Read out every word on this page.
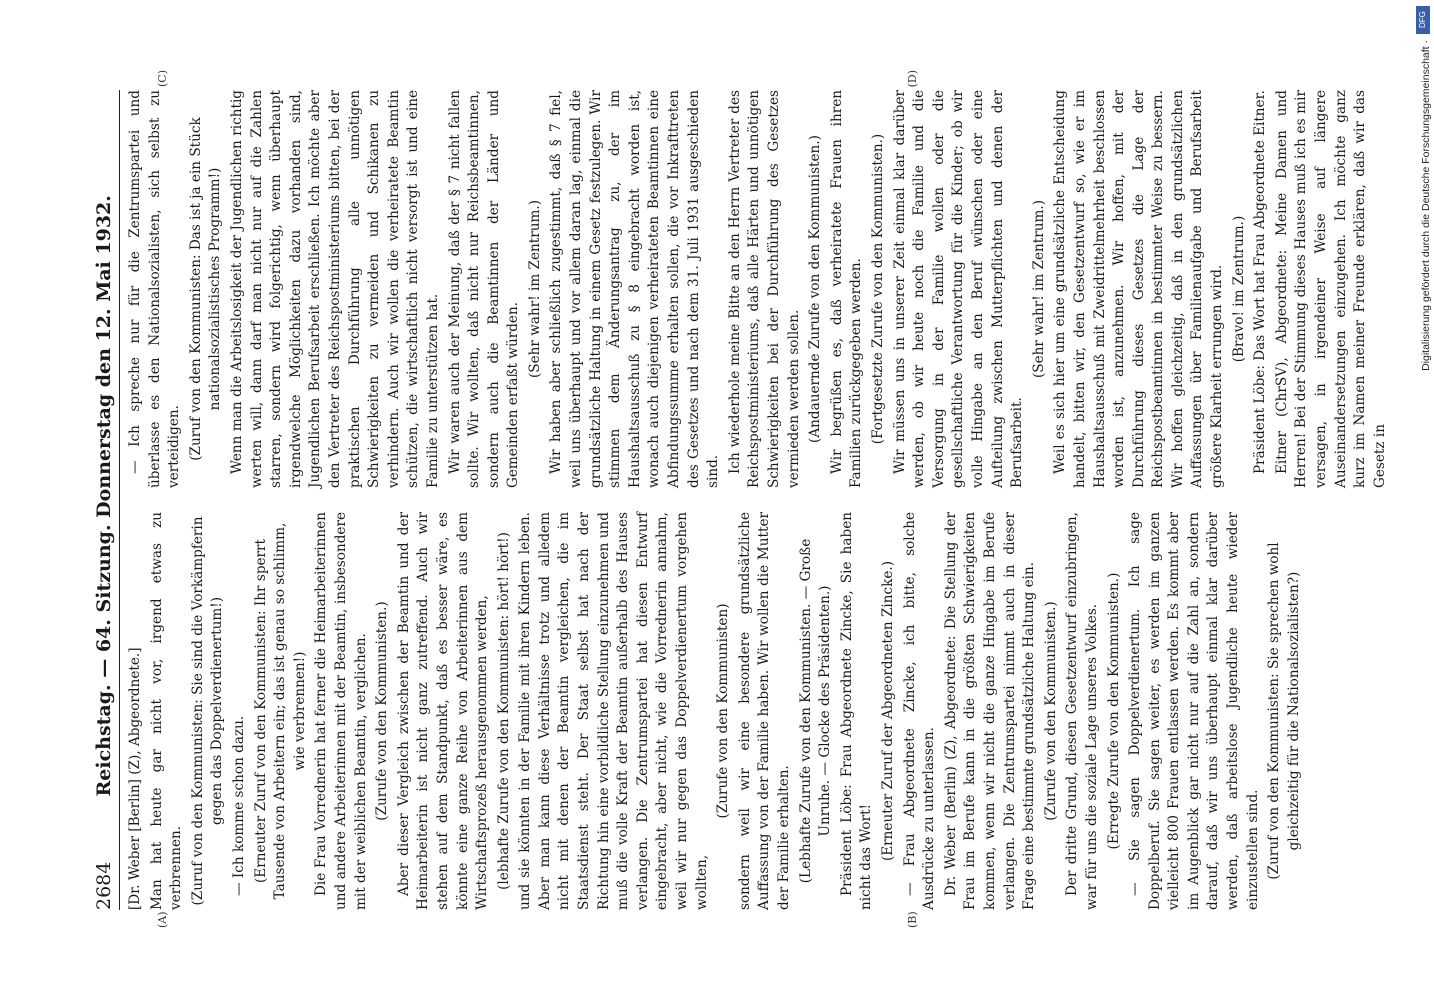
2684
Reichstag. — 64. Sitzung. Donnerstag den 12. Mai 1932.
(A)	(B)

[Dr. Weber [Berlin] (Z), Abgeordnete.] Man hat heute gar nicht vor, irgend etwas zu verbrennen. (Zuruf von den Kommunisten: Sie sind die Vorkämpferin gegen das Doppelverdienertum!) — Ich komme schon dazu. (Erneuter Zuruf von den Kommunisten: Ihr sperrt Tausende von Arbeitern ein; das ist genau so schlimm, wie verbrennen!) Die Frau Vorrednerin hat ferner die Heimarbeiterinnen und andere Arbeiterinnen mit der Beamtin, insbesondere mit der weiblichen Beamtin, verglichen. (Zurufe von den Kommunisten.) Aber dieser Vergleich zwischen der Beamtin und der Heimarbeiterin ist nicht ganz zutreffend. Auch wir stehen auf dem Standpunkt, daß es besser wäre, es könnte eine ganze Reihe von Arbeiterinnen aus dem Wirtschaftsprozeß herausgenommen werden, (lebhafte Zurufe von den Kommunisten: hört! hört!) und sie könnten in der Familie mit ihren Kindern leben. Aber man kann diese Verhältnisse trotz und alledem nicht mit denen der Beamtin vergleichen, die im Staatsdienst steht. Der Staat selbst hat nach der Richtung hin eine vorbildliche Stellung einzunehmen und muß die volle Kraft der Beamtin außerhalb des Hauses verlangen. Die Zentrumspartei hat diesen Entwurf eingebracht, aber nicht, wie die Vorrednerin annahm, weil wir nur gegen das Doppelverdienertum vorgehen wollten,

(Zurufe von den Kommunisten) sondern weil wir eine besondere grundsätzliche Auffassung von der Familie haben. Wir wollen die Mutter der Familie erhalten. (Lebhafte Zurufe von den Kommunisten. — Große Unruhe. — Glocke des Präsidenten.) Präsident Löbe: Frau Abgeordnete Zincke, Sie haben nicht das Wort! (Erneuter Zuruf der Abgeordneten Zincke.) — Frau Abgeordnete Zincke, ich bitte, solche Ausdrücke zu unterlassen. Dr. Weber (Berlin) (Z), Abgeordnete: Die Stellung der Frau im Berufe kann in die größten Schwierigkeiten kommen, wenn wir nicht die ganze Hingabe im Berufe verlangen. Die Zentrumspartei nimmt auch in dieser Frage eine bestimmte grundsätzliche Haltung ein. (Zurufe von den Kommunisten.) Der dritte Grund, diesen Gesetzentwurf einzubringen, war für uns die soziale Lage unseres Volkes. (Erregte Zurufe von den Kommunisten.) — Sie sagen Doppelverdienertum. Ich sage Doppelberuf. Sie sagen weiter, es werden im ganzen vielleicht 800 Frauen entlassen werden. Es kommt aber im Augenblick gar nicht nur auf die Zahl an, sondern darauf, daß wir uns überhaupt einmal klar darüber werden, daß arbeitslose Jugendliche heute wieder einzustellen sind. (Zuruf von den Kommunisten: Sie sprechen wohl gleichzeitig für die Nationalsozialisten?)

— Ich spreche nur für die Zentrumspartei und überlasse es den Nationalsozialisten, sich selbst zu verteidigen. (Zuruf von den Kommunisten: Das ist ja ein Stück nationalsozialistisches Programm!) Wenn man die Arbeitslosigkeit der Jugendlichen richtig werten will, dann darf man nicht nur auf die Zahlen starren, sondern wird folgerichtig, wenn überhaupt irgendwelche Möglichkeiten dazu vorhanden sind, Jugendlichen Berufsarbeit erschließen. Ich möchte aber den Vertreter des Reichspostministeriums bitten, bei der praktischen Durchführung alle unnötigen Schwierigkeiten zu vermeiden und Schikanen zu verhindern. Auch wir wollen die verheiratete Beamtin schützen, die wirtschaftlich nicht versorgt ist und eine Familie zu unterstützen hat. Wir waren auch der Meinung, daß der § 7 nicht fallen sollte. Wir wollten, daß nicht nur Reichsbeamtinnen, sondern auch die Beamtinnen der Länder und Gemeinden erfaßt würden.

(Sehr wahr! im Zentrum.) Wir haben aber schließlich zugestimmt, daß § 7 fiel, weil uns überhaupt und vor allem daran lag, einmal die grundsätzliche Haltung in einem Gesetz festzulegen. Wir stimmen dem Änderungsantrag zu, der im Haushaltsausschuß zu § 8 eingebracht worden ist, wonach auch diejenigen verheirateten Beamtinnen eine Abfindungssumme erhalten sollen, die vor Inkrafttreten des Gesetzes und nach dem 31. Juli 1931 ausgeschieden sind. Ich wiederhole meine Bitte an den Herrn Vertreter des Reichspostministeriums, daß alle Härten und unnötigen Schwierigkeiten bei der Durchführung des Gesetzes vermieden werden sollen. (Andauernde Zurufe von den Kommunisten.) Wir begrüßen es, daß verheiratete Frauen ihren Familien zurückgegeben werden. (Fortgesetzte Zurufe von den Kommunisten.) Wir müssen uns in unserer Zeit einmal klar darüber werden, ob wir heute noch die Familie und die Versorgung in der Familie wollen oder die gesellschaftliche Verantwortung für die Kinder; ob wir volle Hingabe an den Beruf wünschen oder eine Aufteilung zwischen Mutterpflichten und denen der Berufsarbeit.

(Sehr wahr! im Zentrum.) Weil es sich hier um eine grundsätzliche Entscheidung handelt, bitten wir, den Gesetzentwurf so, wie er im Haushaltsausschuß mit Zweidrittelmehrheit beschlossen worden ist, anzunehmen. Wir hoffen, mit der Durchführung dieses Gesetzes die Lage der Reichspostbeamtinnen in bestimmter Weise zu bessern. Wir hoffen gleichzeitig, daß in den grundsätzlichen Auffassungen über Familienaufgabe und Berufsarbeit größere Klarheit errungen wird. (Bravo! im Zentrum.) Präsident Löbe: Das Wort hat Frau Abgeordnete Eitner. Eitner (ChrSV), Abgeordnete: Meine Damen und Herren! Bei der Stimmung dieses Hauses muß ich es mir versagen, in irgendeiner Weise auf längere Auseinandersetzungen einzugehen. Ich möchte ganz kurz im Namen meiner Freunde erklären, daß wir das Gesetz in

(C)	(D)
DFG
Digitalisierung gefördert durch die Deutsche Forschungsgemeinschaft ·
